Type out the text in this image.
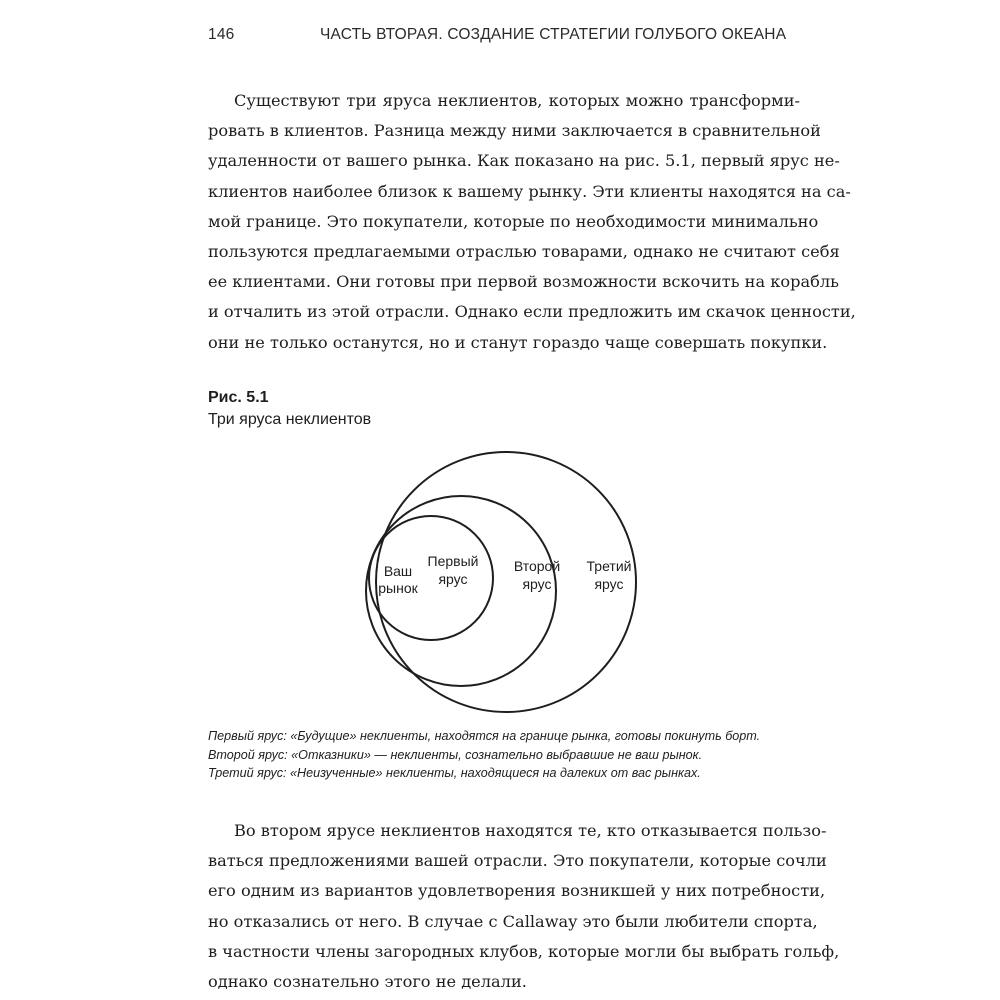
146	ЧАСТЬ ВТОРАЯ. СОЗДАНИЕ СТРАТЕГИИ ГОЛУБОГО ОКЕАНА

Существуют три яруса неклиентов, которых можно трансформи-
ровать в клиентов. Разница между ними заключается в сравнительной
удаленности от вашего рынка. Как показано на рис. 5.1, первый ярус не-
клиентов наиболее близок к вашему рынку. Эти клиенты находятся на са-
мой границе. Это покупатели, которые по необходимости минимально
пользуются предлагаемыми отраслью товарами, однако не считают себя
ее клиентами. Они готовы при первой возможности вскочить на корабль
и отчалить из этой отрасли. Однако если предложить им скачок ценности,
они не только останутся, но и станут гораздо чаще совершать покупки.

Рис. 5.1
Три яруса неклиентов
Ваш
рынок
Первый
ярус
Второй
ярус
Третий
ярус
Первый ярус: «Будущие» неклиенты, находятся на границе рынка, готовы покинуть борт.
Второй ярус: «Отказники» — неклиенты, сознательно выбравшие не ваш рынок.
Третий ярус: «Неизученные» неклиенты, находящиеся на далеких от вас рынках.

Во втором ярусе неклиентов находятся те, кто отказывается пользо-
ваться предложениями вашей отрасли. Это покупатели, которые сочли
его одним из вариантов удовлетворения возникшей у них потребности,
но отказались от него. В случае с Callaway это были любители спорта,
в частности члены загородных клубов, которые могли бы выбрать гольф,
однако сознательно этого не делали.
